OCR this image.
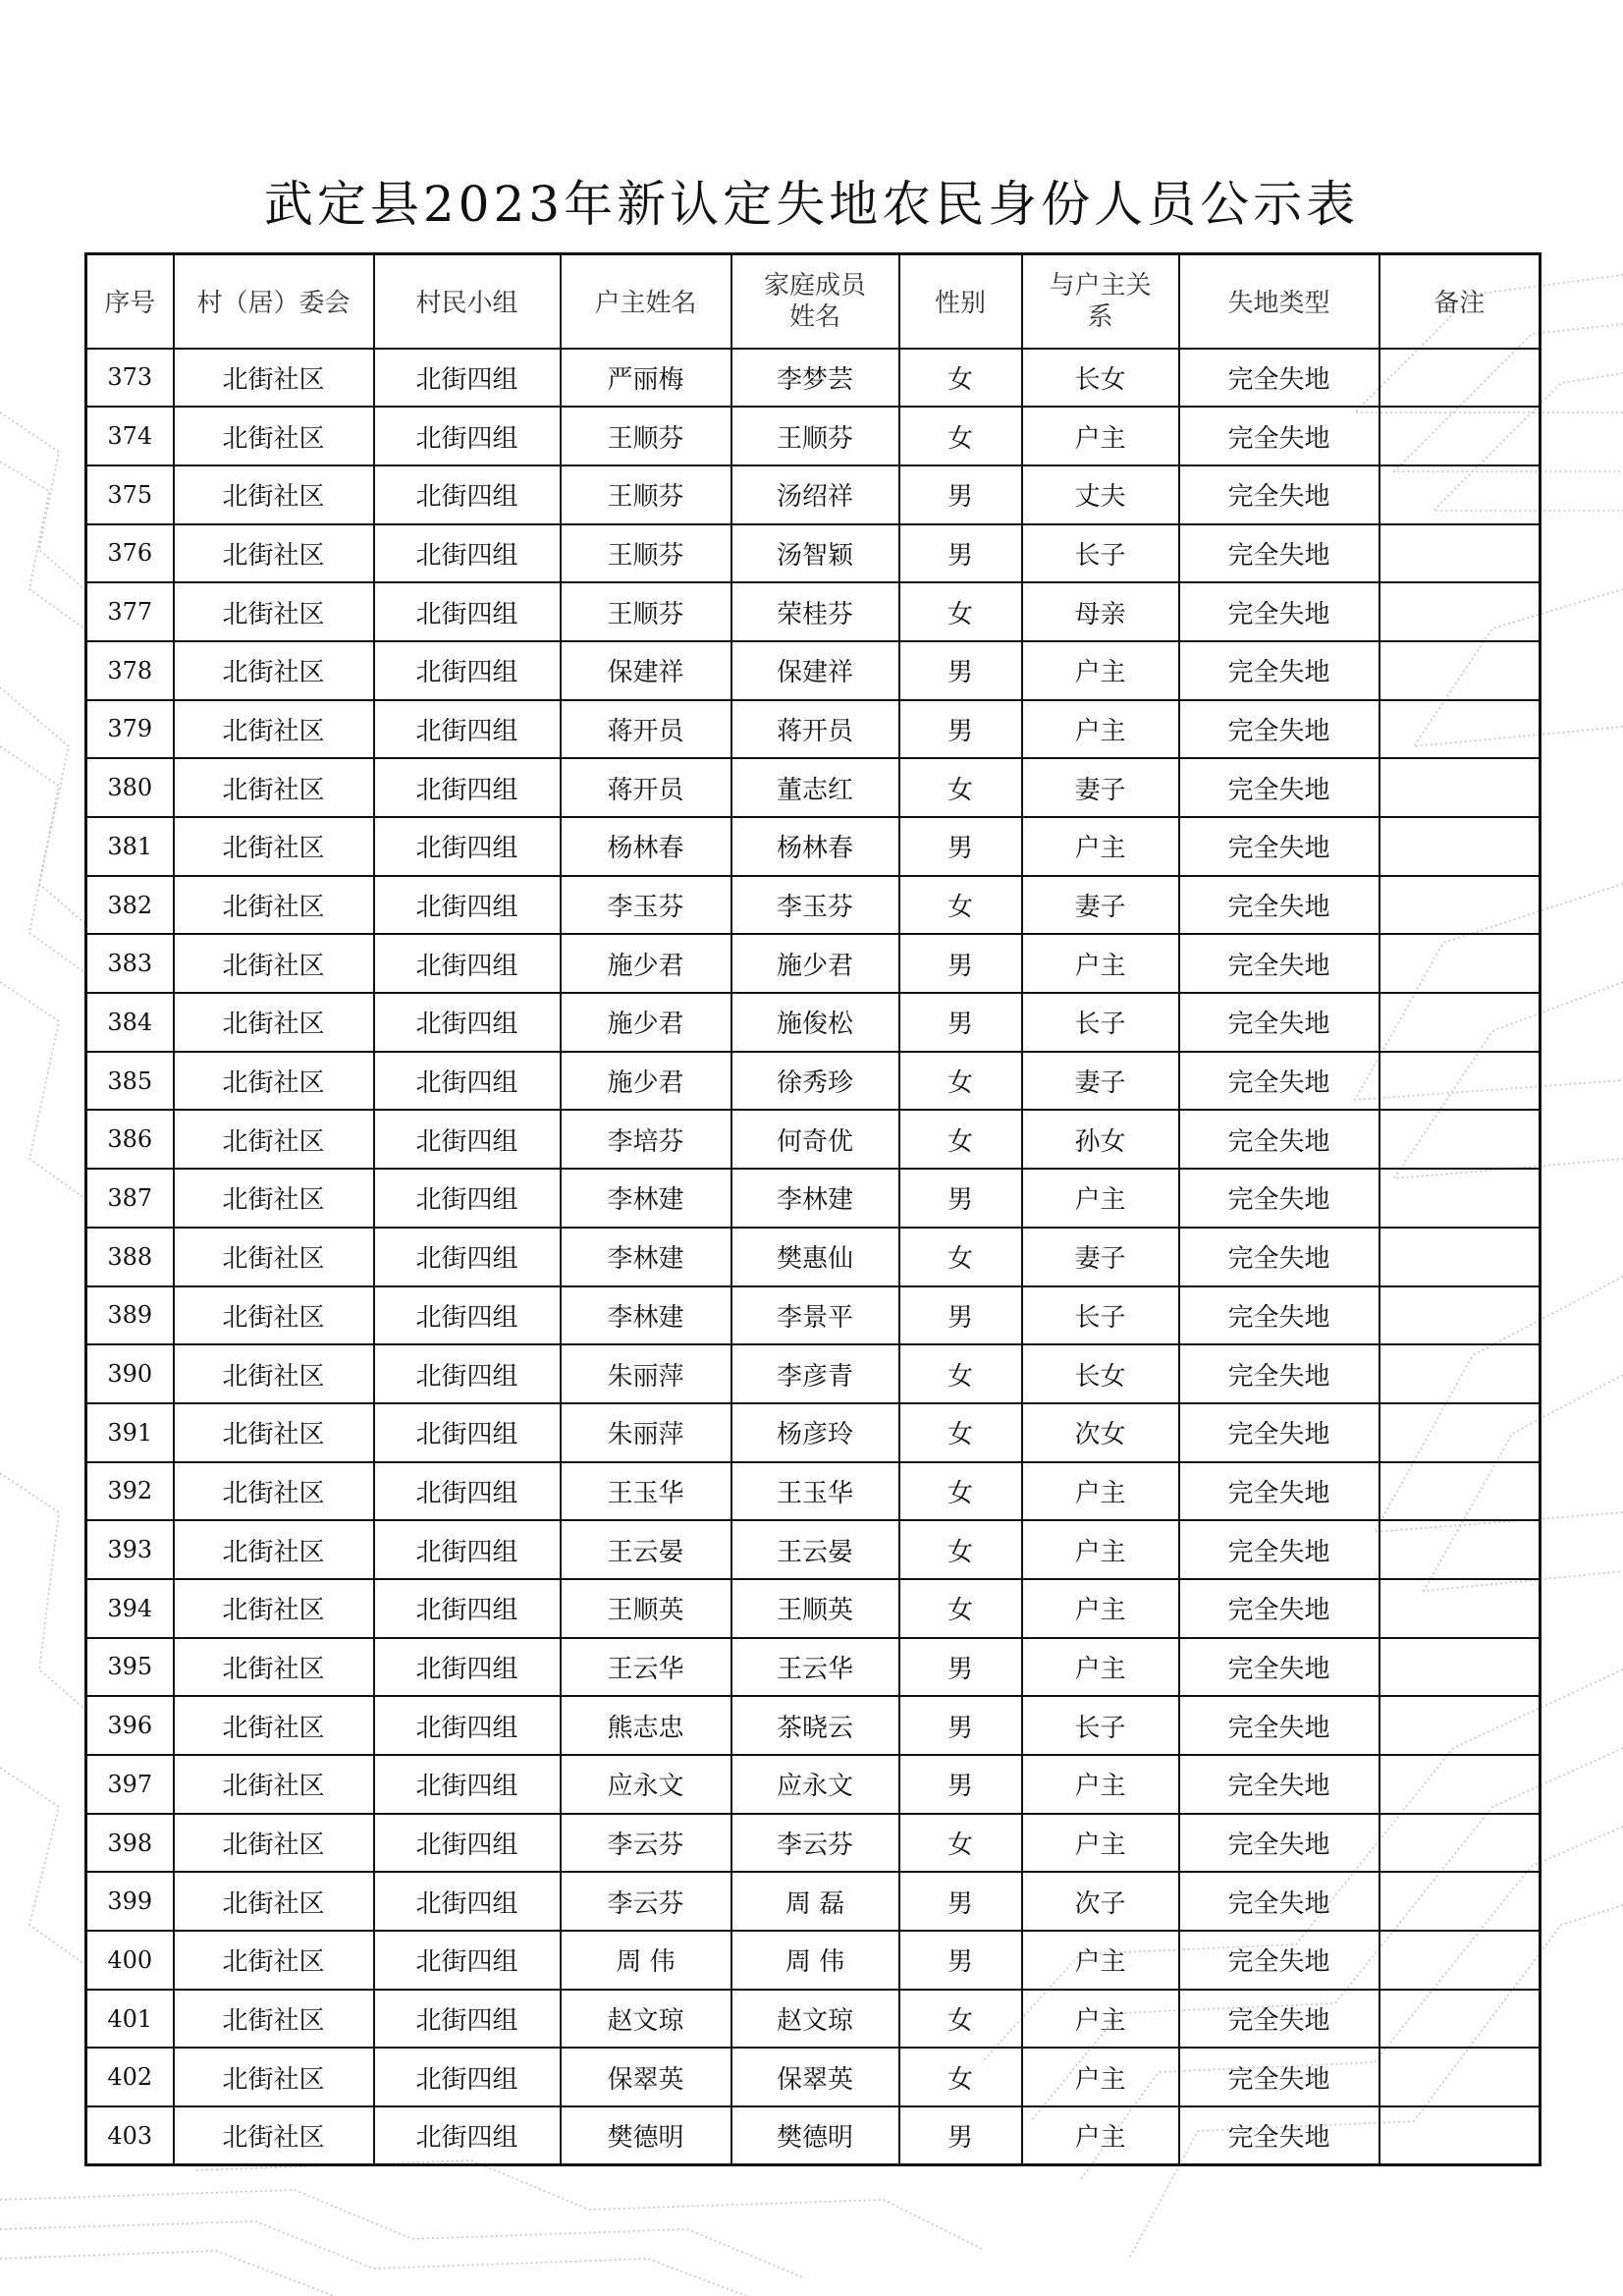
武定县2023年新认定失地农民身份人员公示表
序号	村（居）委会	村民小组	户主姓名	家庭成员姓名	性别	与户主关系	失地类型	备注
373	北街社区	北街四组	严丽梅	李梦芸	女	长女	完全失地	
374	北街社区	北街四组	王顺芬	王顺芬	女	户主	完全失地	
375	北街社区	北街四组	王顺芬	汤绍祥	男	丈夫	完全失地	
376	北街社区	北街四组	王顺芬	汤智颖	男	长子	完全失地	
377	北街社区	北街四组	王顺芬	荣桂芬	女	母亲	完全失地	
378	北街社区	北街四组	保建祥	保建祥	男	户主	完全失地	
379	北街社区	北街四组	蒋开员	蒋开员	男	户主	完全失地	
380	北街社区	北街四组	蒋开员	董志红	女	妻子	完全失地	
381	北街社区	北街四组	杨林春	杨林春	男	户主	完全失地	
382	北街社区	北街四组	李玉芬	李玉芬	女	妻子	完全失地	
383	北街社区	北街四组	施少君	施少君	男	户主	完全失地	
384	北街社区	北街四组	施少君	施俊松	男	长子	完全失地	
385	北街社区	北街四组	施少君	徐秀珍	女	妻子	完全失地	
386	北街社区	北街四组	李培芬	何奇优	女	孙女	完全失地	
387	北街社区	北街四组	李林建	李林建	男	户主	完全失地	
388	北街社区	北街四组	李林建	樊惠仙	女	妻子	完全失地	
389	北街社区	北街四组	李林建	李景平	男	长子	完全失地	
390	北街社区	北街四组	朱丽萍	李彦青	女	长女	完全失地	
391	北街社区	北街四组	朱丽萍	杨彦玲	女	次女	完全失地	
392	北街社区	北街四组	王玉华	王玉华	女	户主	完全失地	
393	北街社区	北街四组	王云晏	王云晏	女	户主	完全失地	
394	北街社区	北街四组	王顺英	王顺英	女	户主	完全失地	
395	北街社区	北街四组	王云华	王云华	男	户主	完全失地	
396	北街社区	北街四组	熊志忠	茶晓云	男	长子	完全失地	
397	北街社区	北街四组	应永文	应永文	男	户主	完全失地	
398	北街社区	北街四组	李云芬	李云芬	女	户主	完全失地	
399	北街社区	北街四组	李云芬	周 磊	男	次子	完全失地	
400	北街社区	北街四组	周 伟	周 伟	男	户主	完全失地	
401	北街社区	北街四组	赵文琼	赵文琼	女	户主	完全失地	
402	北街社区	北街四组	保翠英	保翠英	女	户主	完全失地	
403	北街社区	北街四组	樊德明	樊德明	男	户主	完全失地	
